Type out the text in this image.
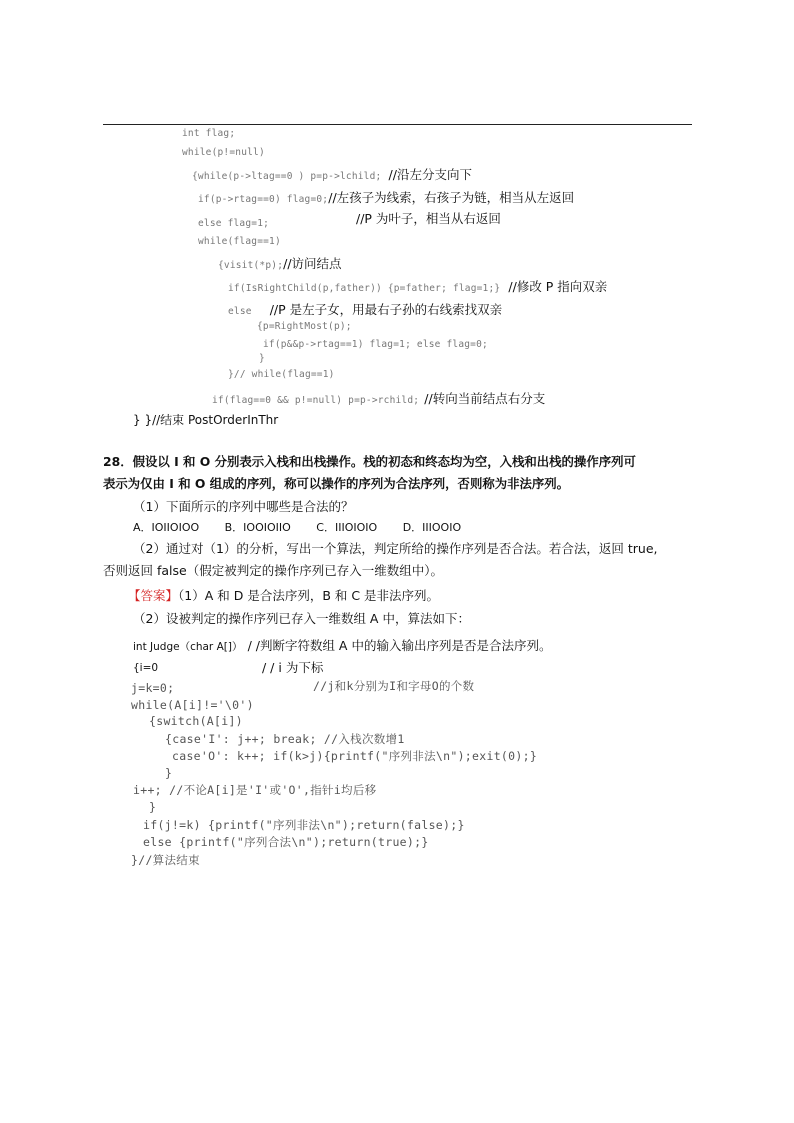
int flag;
while(p!=null)
{while(p->ltag==0 ) p=p->lchild; //沿左分支向下
if(p->rtag==0) flag=0;//左孩子为线索，右孩子为链，相当从左返回
else flag=1;	//P 为叶子，相当从右返回
while(flag==1)
{visit(*p);//访问结点
if(IsRightChild(p,father)) {p=father; flag=1;} //修改 P 指向双亲
else //P 是左子女，用最右子孙的右线索找双亲
{p=RightMost(p);
if(p&&p->rtag==1) flag=1; else flag=0;
}
}// while(flag==1)
if(flag==0 && p!=null) p=p->rchild; //转向当前结点右分支
} }//结束 PostOrderInThr
28．假设以 I 和 O 分别表示入栈和出栈操作。栈的初态和终态均为空，入栈和出栈的操作序列可
表示为仅由 I 和 O 组成的序列，称可以操作的序列为合法序列，否则称为非法序列。
（1）下面所示的序列中哪些是合法的？
A．IOIIOIOO B．IOOIOIIO C．IIIOIOIO D．IIIOOIO
（2）通过对（1）的分析，写出一个算法，判定所给的操作序列是否合法。若合法，返回 true,
否则返回 false（假定被判定的操作序列已存入一维数组中）。
【答案】（1）A 和 D 是合法序列，B 和 C 是非法序列。
（2）设被判定的操作序列已存入一维数组 A 中，算法如下：
int Judge（char A[]） / /判断字符数组 A 中的输入输出序列是否是合法序列。
{i=0	/ / i 为下标
j=k=0;	//j和k分别为I和字母O的个数
while(A[i]!='\0')
{switch(A[i])
{case'I': j++; break; //入栈次数增1
case'O': k++; if(k>j){printf("序列非法\n");exit(0);}
}
i++; //不论A[i]是'I'或'O',指针i均后移
}
if(j!=k) {printf("序列非法\n");return(false);}
else {printf("序列合法\n");return(true);}
}//算法结束
